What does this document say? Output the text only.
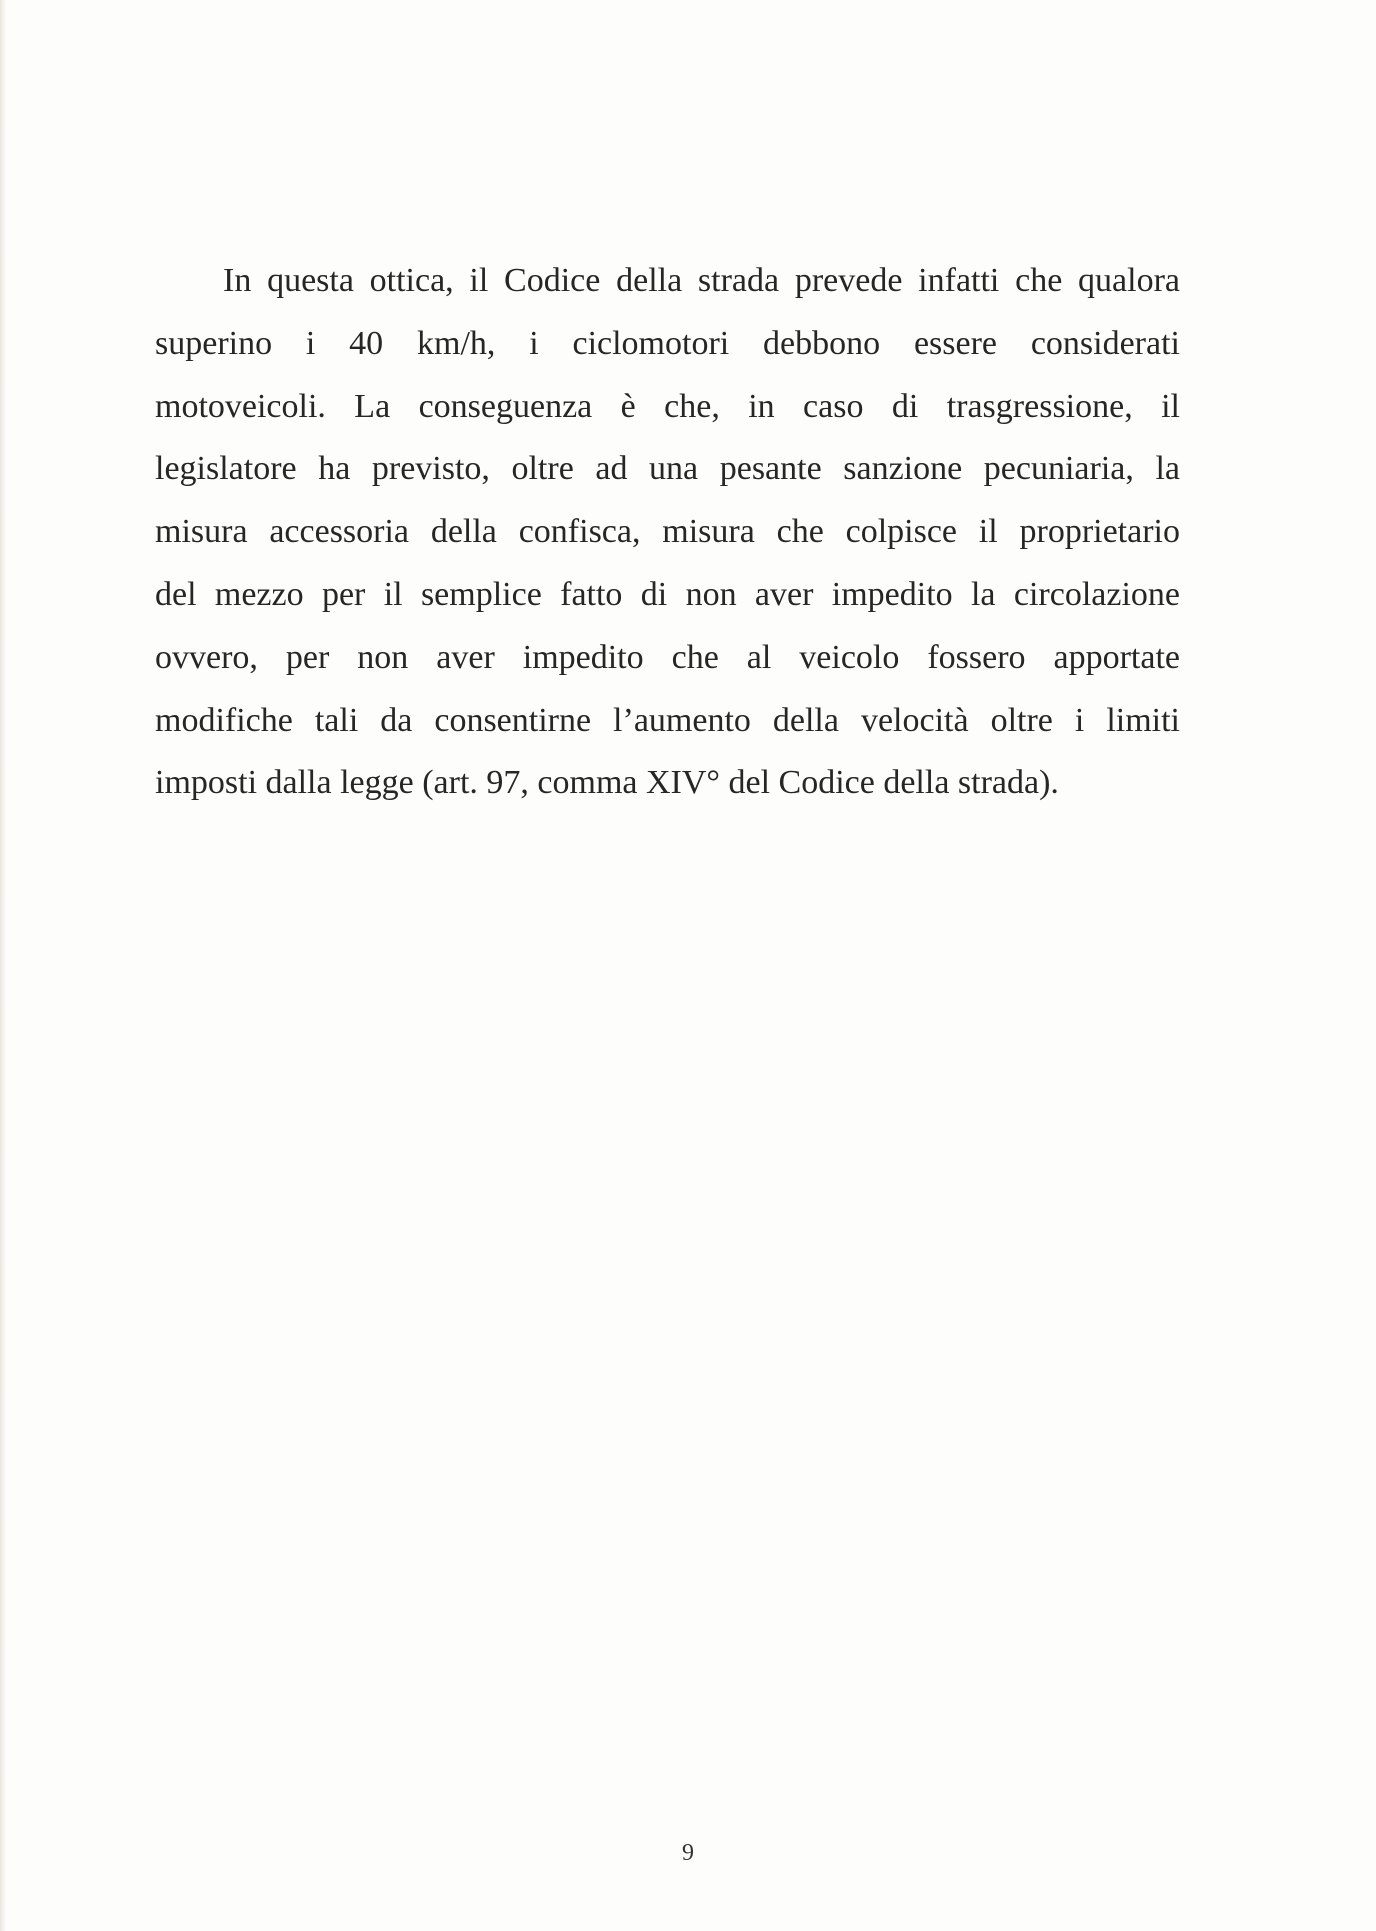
In questa ottica, il Codice della strada prevede infatti che qualora
superino i 40 km/h, i ciclomotori debbono essere considerati
motoveicoli. La conseguenza è che, in caso di trasgressione, il
legislatore ha previsto, oltre ad una pesante sanzione pecuniaria, la
misura accessoria della confisca, misura che colpisce il proprietario
del mezzo per il semplice fatto di non aver impedito la circolazione
ovvero, per non aver impedito che al veicolo fossero apportate
modifiche tali da consentirne l’aumento della velocità oltre i limiti
imposti dalla legge (art. 97, comma XIV° del Codice della strada).

9
